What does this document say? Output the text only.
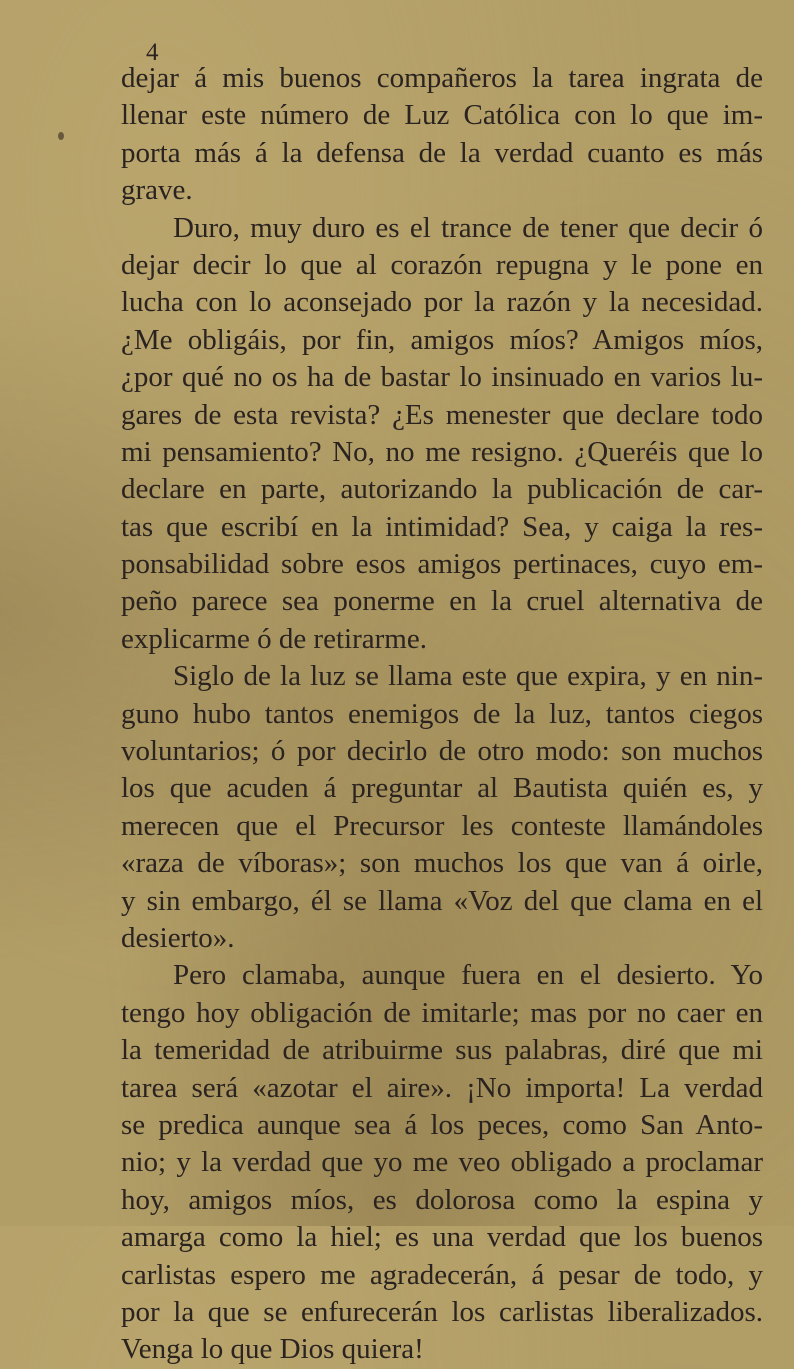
4
dejar á mis buenos compañeros la tarea ingrata de
llenar este número de Luz Católica con lo que im-
porta más á la defensa de la verdad cuanto es más
grave.
Duro, muy duro es el trance de tener que decir ó
dejar decir lo que al corazón repugna y le pone en
lucha con lo aconsejado por la razón y la necesidad.
¿Me obligáis, por fin, amigos míos? Amigos míos,
¿por qué no os ha de bastar lo insinuado en varios lu-
gares de esta revista? ¿Es menester que declare todo
mi pensamiento? No, no me resigno. ¿Queréis que lo
declare en parte, autorizando la publicación de car-
tas que escribí en la intimidad? Sea, y caiga la res-
ponsabilidad sobre esos amigos pertinaces, cuyo em-
peño parece sea ponerme en la cruel alternativa de
explicarme ó de retirarme.
Siglo de la luz se llama este que expira, y en nin-
guno hubo tantos enemigos de la luz, tantos ciegos
voluntarios; ó por decirlo de otro modo: son muchos
los que acuden á preguntar al Bautista quién es, y
merecen que el Precursor les conteste llamándoles
«raza de víboras»; son muchos los que van á oirle,
y sin embargo, él se llama «Voz del que clama en el
desierto».
Pero clamaba, aunque fuera en el desierto. Yo
tengo hoy obligación de imitarle; mas por no caer en
la temeridad de atribuirme sus palabras, diré que mi
tarea será «azotar el aire». ¡No importa! La verdad
se predica aunque sea á los peces, como San Anto-
nio; y la verdad que yo me veo obligado a proclamar
hoy, amigos míos, es dolorosa como la espina y
amarga como la hiel; es una verdad que los buenos
carlistas espero me agradecerán, á pesar de todo, y
por la que se enfurecerán los carlistas liberalizados.
Venga lo que Dios quiera!
